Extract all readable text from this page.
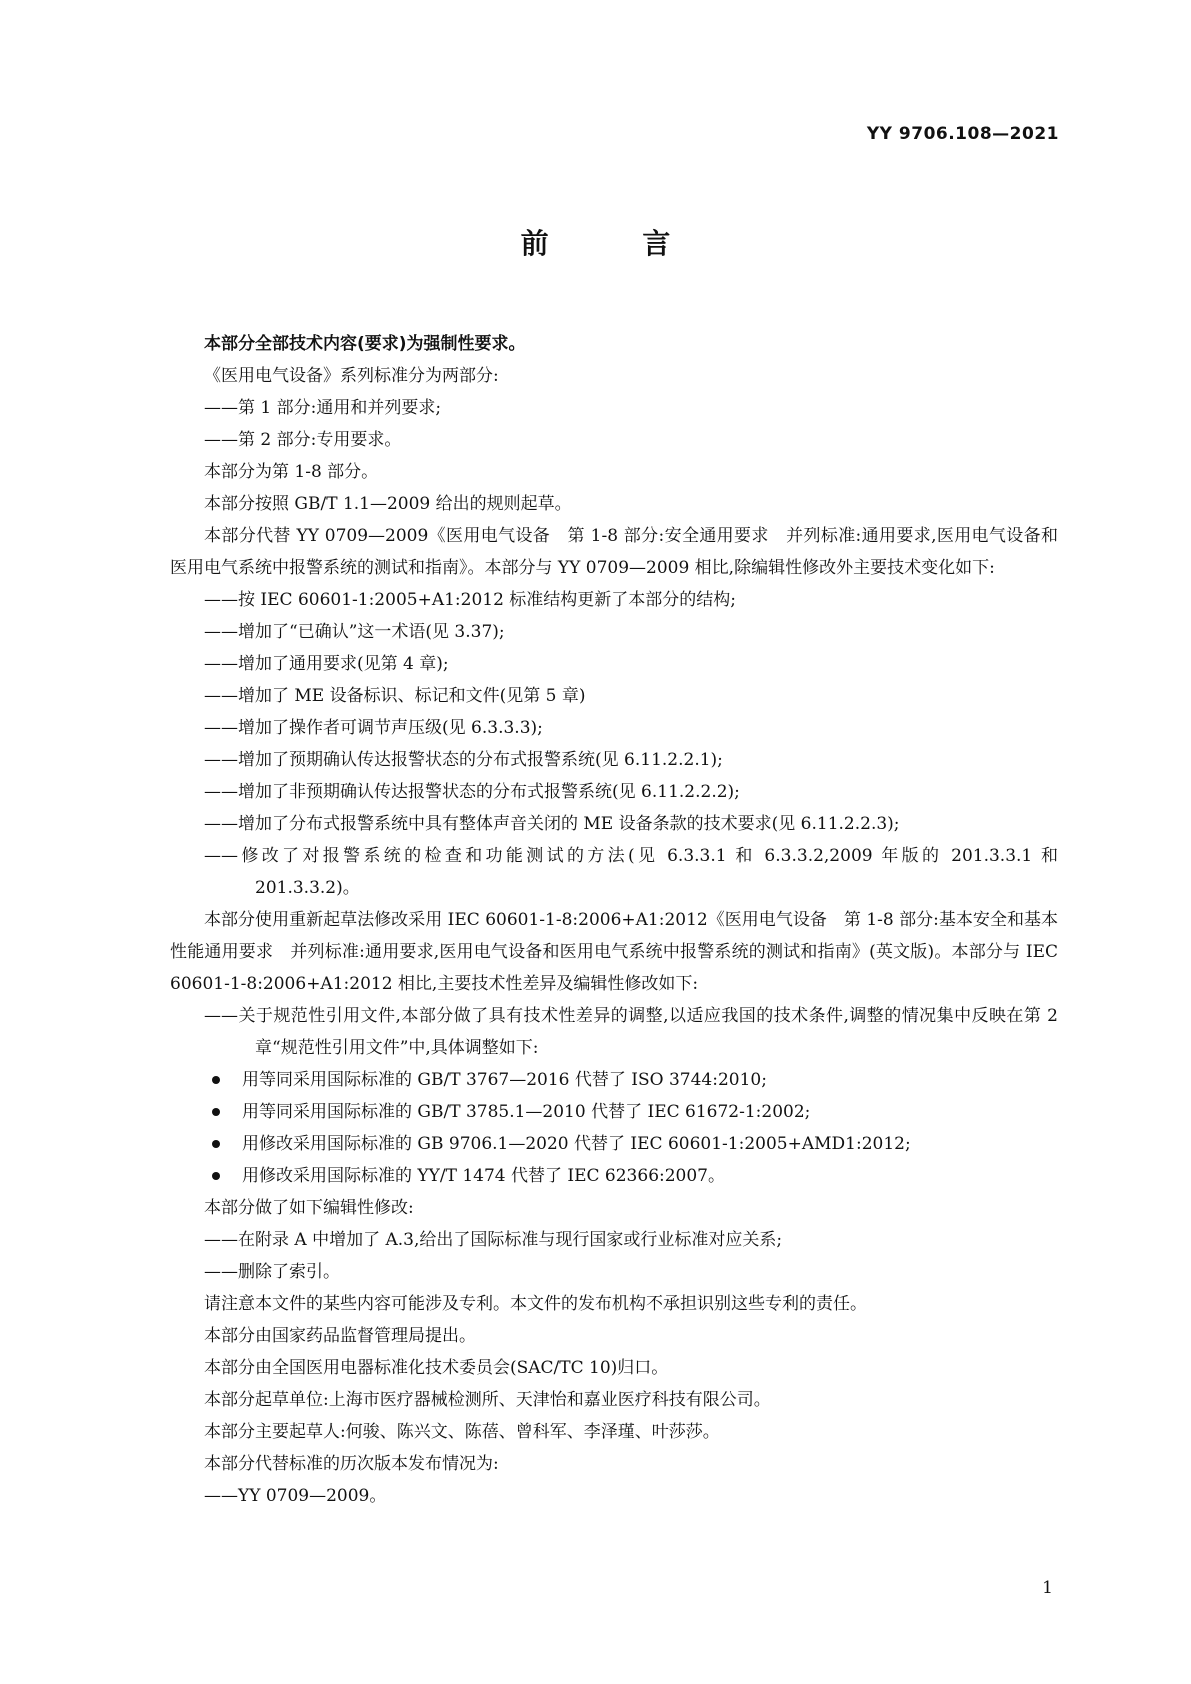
YY 9706.108—2021
前 言

本部分全部技术内容(要求)为强制性要求。

《医用电气设备》系列标准分为两部分:

——第 1 部分:通用和并列要求;

——第 2 部分:专用要求。

本部分为第 1-8 部分。

本部分按照 GB/T 1.1—2009 给出的规则起草。

本部分代替 YY 0709—2009《医用电气设备　第 1-8 部分:安全通用要求　并列标准:通用要求,医用电气设备和医用电气系统中报警系统的测试和指南》。本部分与 YY 0709—2009 相比,除编辑性修改外主要技术变化如下:

——按 IEC 60601-1:2005+A1:2012 标准结构更新了本部分的结构;

——增加了“已确认”这一术语(见 3.37);

——增加了通用要求(见第 4 章);

——增加了 ME 设备标识、标记和文件(见第 5 章)

——增加了操作者可调节声压级(见 6.3.3.3);

——增加了预期确认传达报警状态的分布式报警系统(见 6.11.2.2.1);

——增加了非预期确认传达报警状态的分布式报警系统(见 6.11.2.2.2);

——增加了分布式报警系统中具有整体声音关闭的 ME 设备条款的技术要求(见 6.11.2.2.3);

——修改了对报警系统的检查和功能测试的方法(见 6.3.3.1 和 6.3.3.2,2009 年版的 201.3.3.1 和 201.3.3.2)。

本部分使用重新起草法修改采用 IEC 60601-1-8:2006+A1:2012《医用电气设备　第 1-8 部分:基本安全和基本性能通用要求　并列标准:通用要求,医用电气设备和医用电气系统中报警系统的测试和指南》(英文版)。本部分与 IEC 60601-1-8:2006+A1:2012 相比,主要技术性差异及编辑性修改如下:

——关于规范性引用文件,本部分做了具有技术性差异的调整,以适应我国的技术条件,调整的情况集中反映在第 2 章“规范性引用文件”中,具体调整如下:

用等同采用国际标准的 GB/T 3767—2016 代替了 ISO 3744:2010;

用等同采用国际标准的 GB/T 3785.1—2010 代替了 IEC 61672-1:2002;

用修改采用国际标准的 GB 9706.1—2020 代替了 IEC 60601-1:2005+AMD1:2012;

用修改采用国际标准的 YY/T 1474 代替了 IEC 62366:2007。

本部分做了如下编辑性修改:

——在附录 A 中增加了 A.3,给出了国际标准与现行国家或行业标准对应关系;

——删除了索引。

请注意本文件的某些内容可能涉及专利。本文件的发布机构不承担识别这些专利的责任。

本部分由国家药品监督管理局提出。

本部分由全国医用电器标准化技术委员会(SAC/TC 10)归口。

本部分起草单位:上海市医疗器械检测所、天津怡和嘉业医疗科技有限公司。

本部分主要起草人:何骏、陈兴文、陈蓓、曾科军、李泽瑾、叶莎莎。

本部分代替标准的历次版本发布情况为:

——YY 0709—2009。

1
